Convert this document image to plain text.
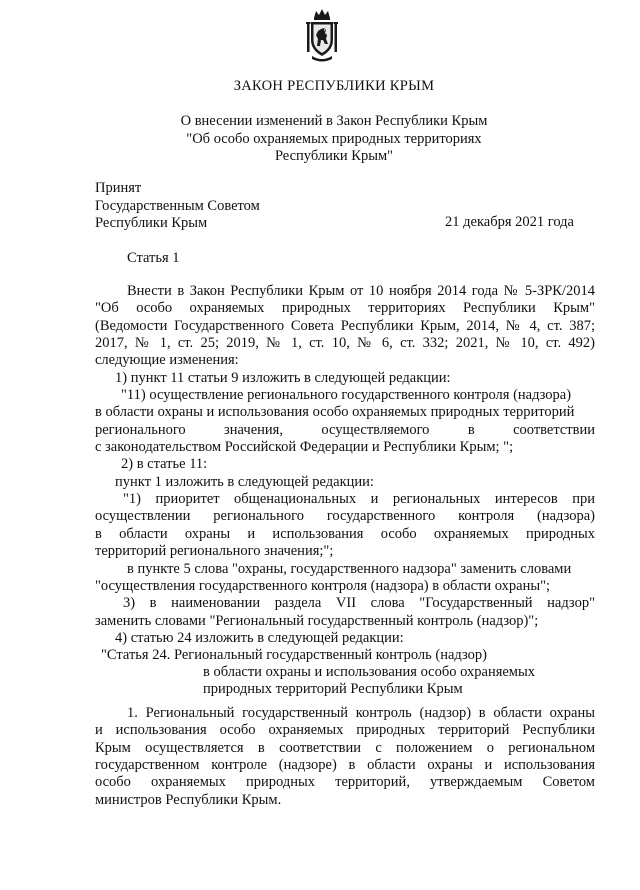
ЗАКОН РЕСПУБЛИКИ КРЫМ
О внесении изменений в Закон Республики Крым
"Об особо охраняемых природных территориях
Республики Крым"
Принят
Государственным Советом
Республики Крым	21 декабря 2021 года
Статья 1
Внести в Закон Республики Крым от 10 ноября 2014 года № 5-ЗРК/2014
"Об особо охраняемых природных территориях Республики Крым"
(Ведомости Государственного Совета Республики Крым, 2014, № 4, ст. 387;
2017, № 1, ст. 25; 2019, № 1, ст. 10, № 6, ст. 332; 2021, № 10, ст. 492)
следующие изменения:
1) пункт 11 статьи 9 изложить в следующей редакции:
"11) осуществление регионального государственного контроля (надзора)
в области охраны и использования особо охраняемых природных территорий
регионального значения, осуществляемого в соответствии
с законодательством Российской Федерации и Республики Крым; ";
2) в статье 11:
пункт 1 изложить в следующей редакции:
"1) приоритет общенациональных и региональных интересов при
осуществлении регионального государственного контроля (надзора)
в области охраны и использования особо охраняемых природных
территорий регионального значения;";
в пункте 5 слова "охраны, государственного надзора" заменить словами
"осуществления государственного контроля (надзора) в области охраны";
3) в наименовании раздела VII слова "Государственный надзор"
заменить словами "Региональный государственный контроль (надзор)";
4) статью 24 изложить в следующей редакции:
"Статья 24. Региональный государственный контроль (надзор)
в области охраны и использования особо охраняемых
природных территорий Республики Крым
1. Региональный государственный контроль (надзор) в области охраны
и использования особо охраняемых природных территорий Республики
Крым осуществляется в соответствии с положением о региональном
государственном контроле (надзоре) в области охраны и использования
особо охраняемых природных территорий, утверждаемым Советом
министров Республики Крым.
